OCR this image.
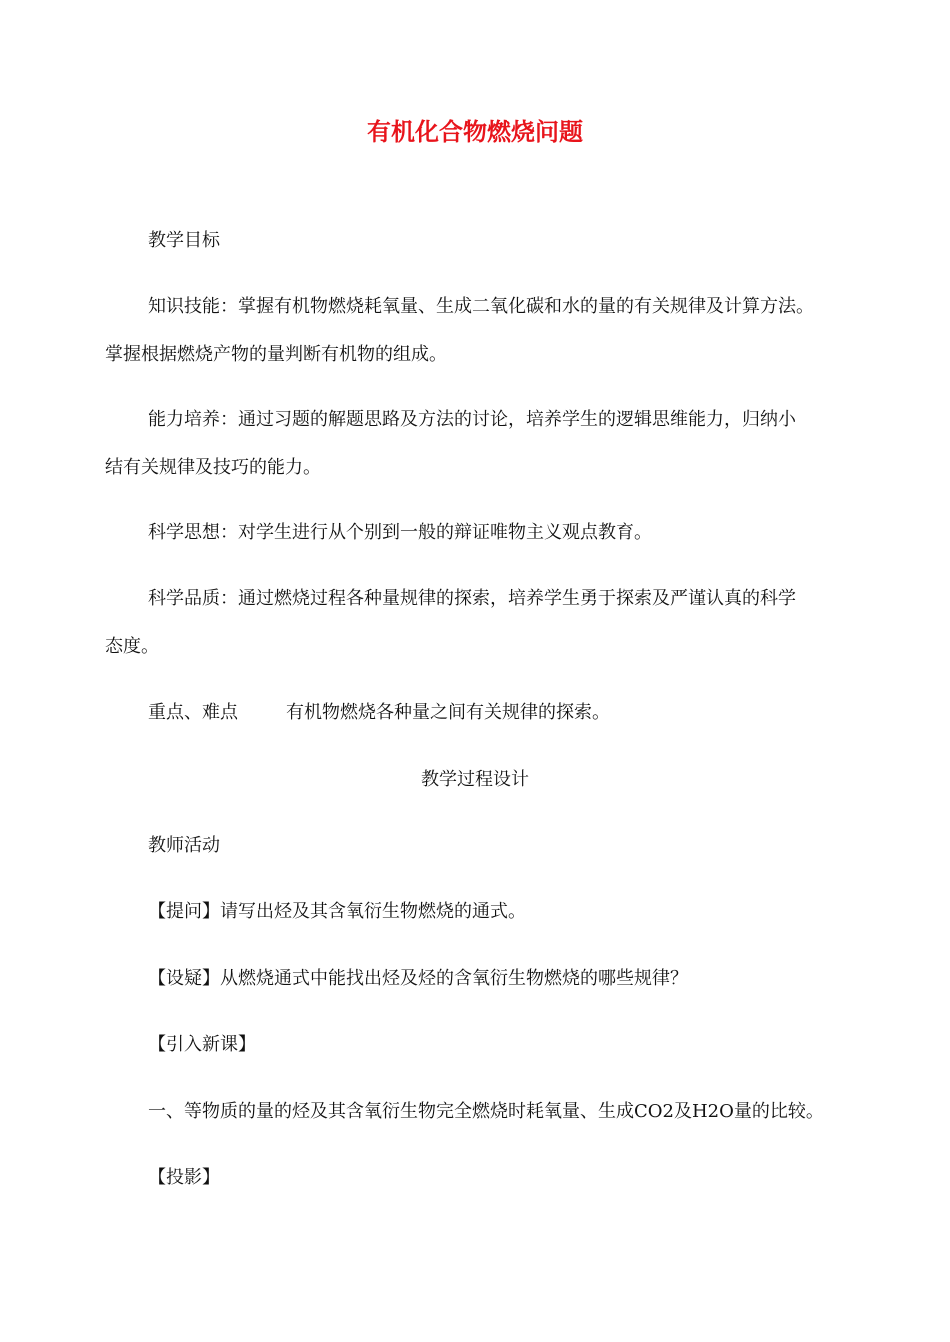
有机化合物燃烧问题
教学目标
知识技能：掌握有机物燃烧耗氧量、生成二氧化碳和水的量的有关规律及计算方法。
掌握根据燃烧产物的量判断有机物的组成。
能力培养：通过习题的解题思路及方法的讨论，培养学生的逻辑思维能力，归纳小
结有关规律及技巧的能力。
科学思想：对学生进行从个别到一般的辩证唯物主义观点教育。
科学品质：通过燃烧过程各种量规律的探索，培养学生勇于探索及严谨认真的科学
态度。
重点、难点	有机物燃烧各种量之间有关规律的探索。
教学过程设计
教师活动
【提问】请写出烃及其含氧衍生物燃烧的通式。
【设疑】从燃烧通式中能找出烃及烃的含氧衍生物燃烧的哪些规律？
【引入新课】
一、等物质的量的烃及其含氧衍生物完全燃烧时耗氧量、生成CO2及H2O量的比较。
【投影】
